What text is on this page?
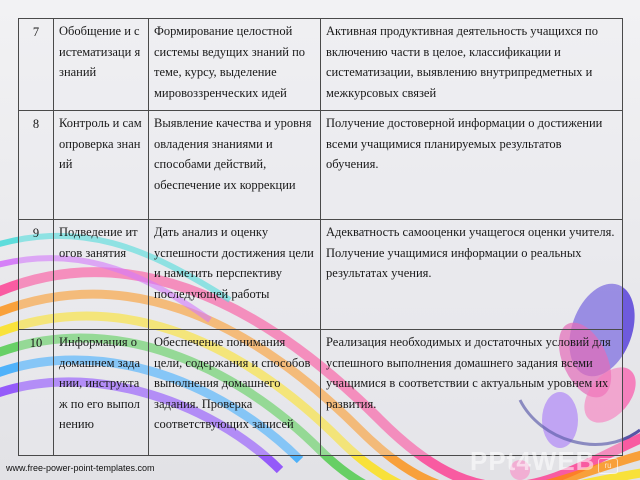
7	Обобщение и систематизаци я знаний	Формирование целостной системы ведущих знаний по теме, курсу, выделение мировоззренческих идей	Активная продуктивная деятельность учащихся по включению части в целое, классификации и систематизации, выявлению внутрипредметных и межкурсовых связей
8	Контроль и самопроверка знаний	Выявление качества и уровня овладения знаниями и способами действий, обеспечение их коррекции	Получение достоверной информации о достижении всеми учащимися планируемых результатов обучения.
9	Подведение итогов занятия	Дать анализ и оценку успешности достижения цели и наметить перспективу последующей работы	Адекватность самооценки учащегося оценки учителя. Получение учащимися информации о реальных результатах учения.
10	Информация о домашнем задании, инструктаж по его выполнению	Обеспечение понимания цели, содержания и способов выполнения домашнего задания. Проверка соответствующих записей	Реализация необходимых и достаточных условий для успешного выполнения домашнего задания всеми учащимися в соответствии с актуальным уровнем их развития.
www.free-power-point-templates.com	PPt4WEB	ru
